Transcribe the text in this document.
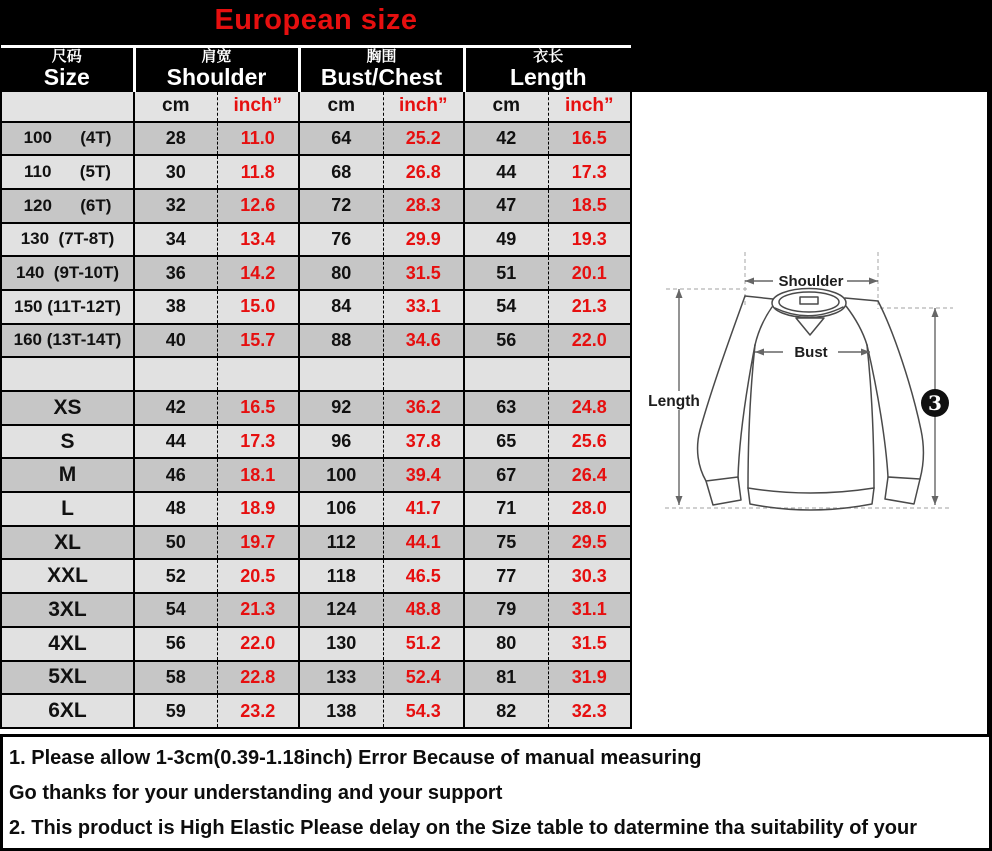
European size
尺码
Size	肩宽
Shoulder		胸围
Bust/Chest		衣长
Length	

	cm	inch”	cm	inch”	cm	inch”
100      (4T)	28	11.0	64	25.2	42	16.5
110      (5T)	30	11.8	68	26.8	44	17.3
120      (6T)	32	12.6	72	28.3	47	18.5
130  (7T-8T)	34	13.4	76	29.9	49	19.3
140  (9T-10T)	36	14.2	80	31.5	51	20.1
150 (11T-12T)	38	15.0	84	33.1	54	21.3
160 (13T-14T)	40	15.7	88	34.6	56	22.0

XS	42	16.5	92	36.2	63	24.8
S	44	17.3	96	37.8	65	25.6
M	46	18.1	100	39.4	67	26.4
L	48	18.9	106	41.7	71	28.0
XL	50	19.7	112	44.1	75	29.5
XXL	52	20.5	118	46.5	77	30.3
3XL	54	21.3	124	48.8	79	31.1
4XL	56	22.0	130	51.2	80	31.5
5XL	58	22.8	133	52.4	81	31.9
6XL	59	23.2	138	54.3	82	32.3
Shoulder
Bust
Length	3
1. Please allow 1-3cm(0.39-1.18inch) Error Because of manual measuring
Go thanks for your understanding and your support
2. This product is High Elastic Please delay on the Size table to datermine tha suitability of your
